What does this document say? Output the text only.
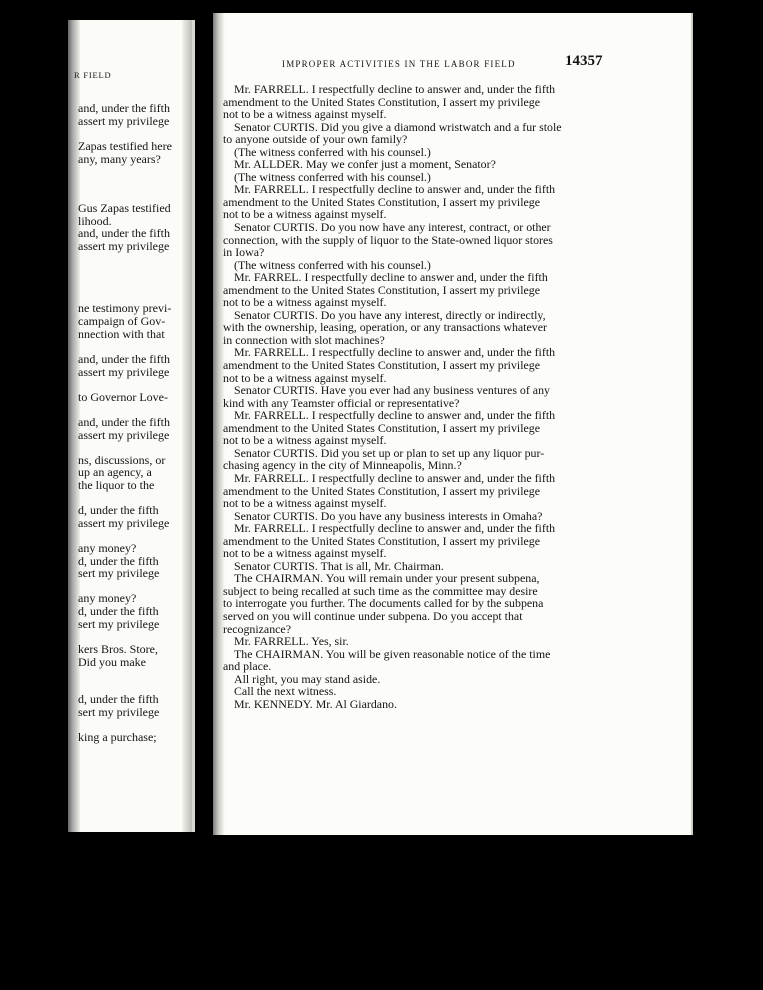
R FIELD
and, under the fifth
assert my privilege
Zapas testified here
any, many years?
Gus Zapas testified
lihood.
and, under the fifth
assert my privilege
ne testimony previ-
campaign of Gov-
nnection with that
and, under the fifth
assert my privilege
to Governor Love-
and, under the fifth
assert my privilege
ns, discussions, or
up an agency, a
the liquor to the
d, under the fifth
assert my privilege
any money?
d, under the fifth
sert my privilege
any money?
d, under the fifth
sert my privilege
kers Bros. Store,
Did you make
d, under the fifth
sert my privilege
king a purchase;
IMPROPER ACTIVITIES IN THE LABOR FIELD	14357
Mr. FARRELL. I respectfully decline to answer and, under the fifth
amendment to the United States Constitution, I assert my privilege
not to be a witness against myself.
Senator CURTIS. Did you give a diamond wristwatch and a fur stole
to anyone outside of your own family?
(The witness conferred with his counsel.)
Mr. ALLDER. May we confer just a moment, Senator?
(The witness conferred with his counsel.)
Mr. FARRELL. I respectfully decline to answer and, under the fifth
amendment to the United States Constitution, I assert my privilege
not to be a witness against myself.
Senator CURTIS. Do you now have any interest, contract, or other
connection, with the supply of liquor to the State-owned liquor stores
in Iowa?
(The witness conferred with his counsel.)
Mr. FARREL. I respectfully decline to answer and, under the fifth
amendment to the United States Constitution, I assert my privilege
not to be a witness against myself.
Senator CURTIS. Do you have any interest, directly or indirectly,
with the ownership, leasing, operation, or any transactions whatever
in connection with slot machines?
Mr. FARRELL. I respectfully decline to answer and, under the fifth
amendment to the United States Constitution, I assert my privilege
not to be a witness against myself.
Senator CURTIS. Have you ever had any business ventures of any
kind with any Teamster official or representative?
Mr. FARRELL. I respectfully decline to answer and, under the fifth
amendment to the United States Constitution, I assert my privilege
not to be a witness against myself.
Senator CURTIS. Did you set up or plan to set up any liquor pur-
chasing agency in the city of Minneapolis, Minn.?
Mr. FARRELL. I respectfully decline to answer and, under the fifth
amendment to the United States Constitution, I assert my privilege
not to be a witness against myself.
Senator CURTIS. Do you have any business interests in Omaha?
Mr. FARRELL. I respectfully decline to answer and, under the fifth
amendment to the United States Constitution, I assert my privilege
not to be a witness against myself.
Senator CURTIS. That is all, Mr. Chairman.
The CHAIRMAN. You will remain under your present subpena,
subject to being recalled at such time as the committee may desire
to interrogate you further. The documents called for by the subpena
served on you will continue under subpena. Do you accept that
recognizance?
Mr. FARRELL. Yes, sir.
The CHAIRMAN. You will be given reasonable notice of the time
and place.
All right, you may stand aside.
Call the next witness.
Mr. KENNEDY. Mr. Al Giardano.
